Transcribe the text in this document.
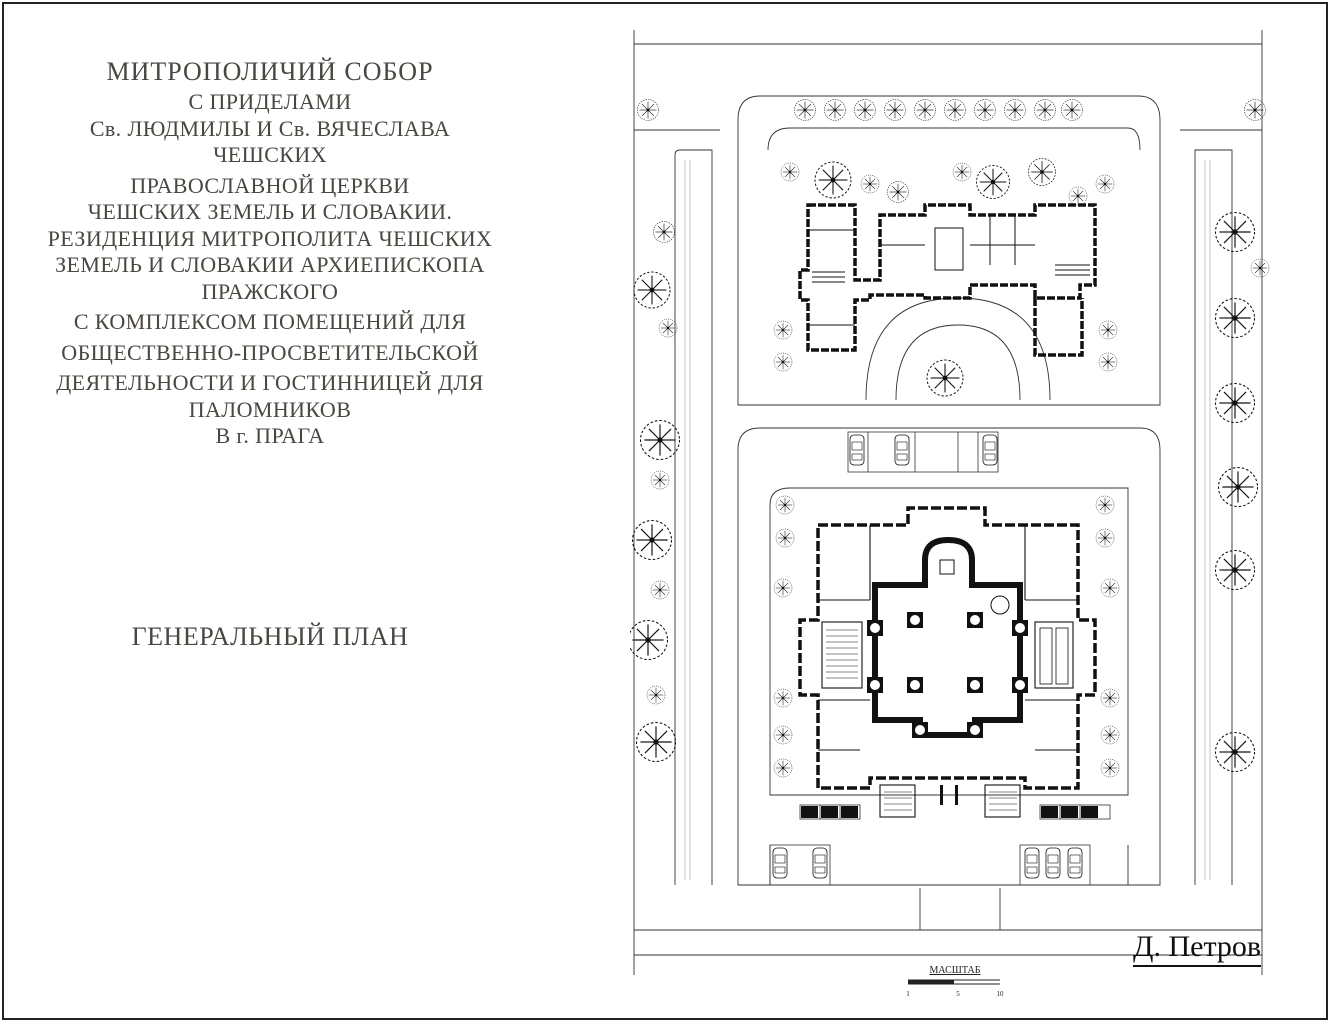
МИТРОПОЛИЧИЙ СОБОР
С ПРИДЕЛАМИ
Св. ЛЮДМИЛЫ И Св. ВЯЧЕСЛАВА
ЧЕШСКИХ
ПРАВОСЛАВНОЙ ЦЕРКВИ
ЧЕШСКИХ ЗЕМЕЛЬ И СЛОВАКИИ.
РЕЗИДЕНЦИЯ МИТРОПОЛИТА ЧЕШСКИХ
ЗЕМЕЛЬ И СЛОВАКИИ АРХИЕПИСКОПА
ПРАЖСКОГО
С КОМПЛЕКСОМ ПОМЕЩЕНИЙ ДЛЯ
ОБЩЕСТВЕННО-ПРОСВЕТИТЕЛЬСКОЙ
ДЕЯТЕЛЬНОСТИ И ГОСТИННИЦЕЙ ДЛЯ
ПАЛОМНИКОВ
В г. ПРАГА
ГЕНЕРАЛЬНЫЙ ПЛАН
Д. Петров
МАСШТАБ
1	5	10
